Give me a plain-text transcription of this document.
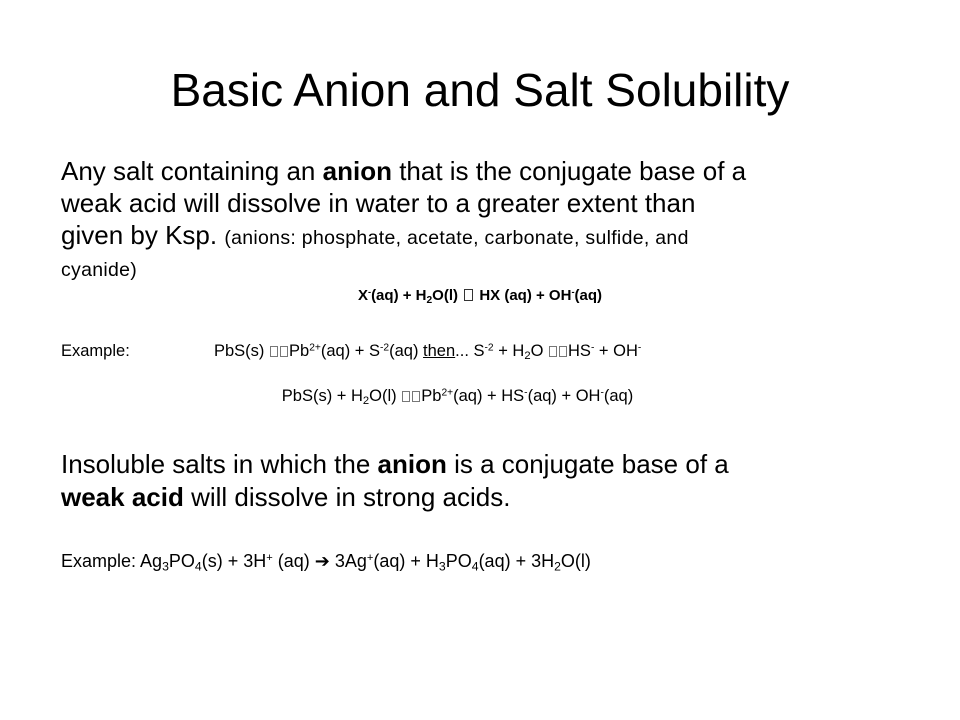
Basic Anion and Salt Solubility
Any salt containing an anion that is the conjugate base of a
weak acid will dissolve in water to a greater extent than
given by Ksp. (anions: phosphate, acetate, carbonate, sulfide, and
cyanide)
$X^-(aq) + H_2O(l)$  HX (aq) + OH-(aq)
Example:	PbS(s) $Pb^{2+}(aq) + S^{-2}(aq)$ then... $S^{-2} + H_2O$ HS- + OH-
$PbS(s) + H_2O(l) Pb^{2+}(aq) + HS^-(aq) + OH^-(aq)$
Insoluble salts in which the anion is a conjugate base of a
weak acid will dissolve in strong acids.
Example: $Ag_3PO_4(s) + 3H^+$ (aq) ➔ $3Ag^+(aq) + H_3PO_4(aq) + 3H_2O(l)$
